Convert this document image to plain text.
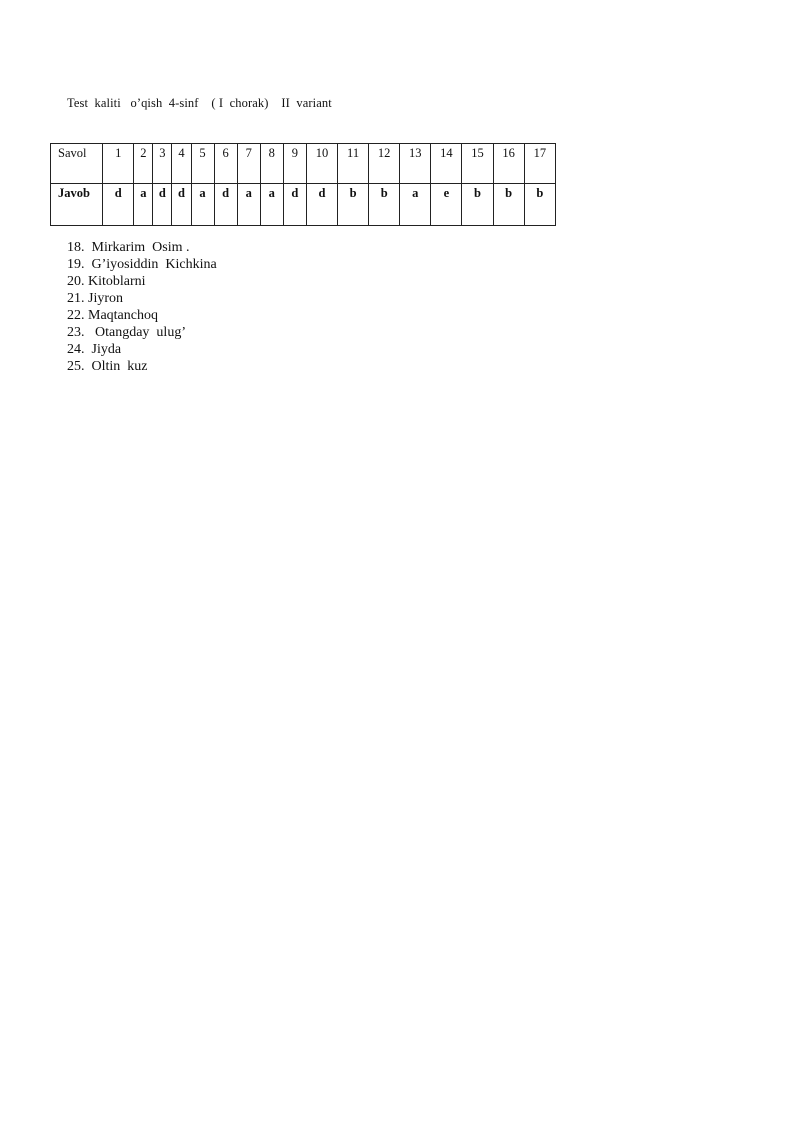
Test  kaliti   o’qish  4-sinf    ( I  chorak)    II  variant
Savol	1	2	3	4	5	6	7	8	9	10	11	12	13	14	15	16	17
Javob	d	a	d	d	a	d	a	a	d	d	b	b	a	e	b	b	b
18.  Mirkarim  Osim .
19.  G’iyosiddin  Kichkina
20. Kitoblarni
21. Jiyron
22. Maqtanchoq
23.   Otangday  ulug’
24.  Jiyda
25.  Oltin  kuz
